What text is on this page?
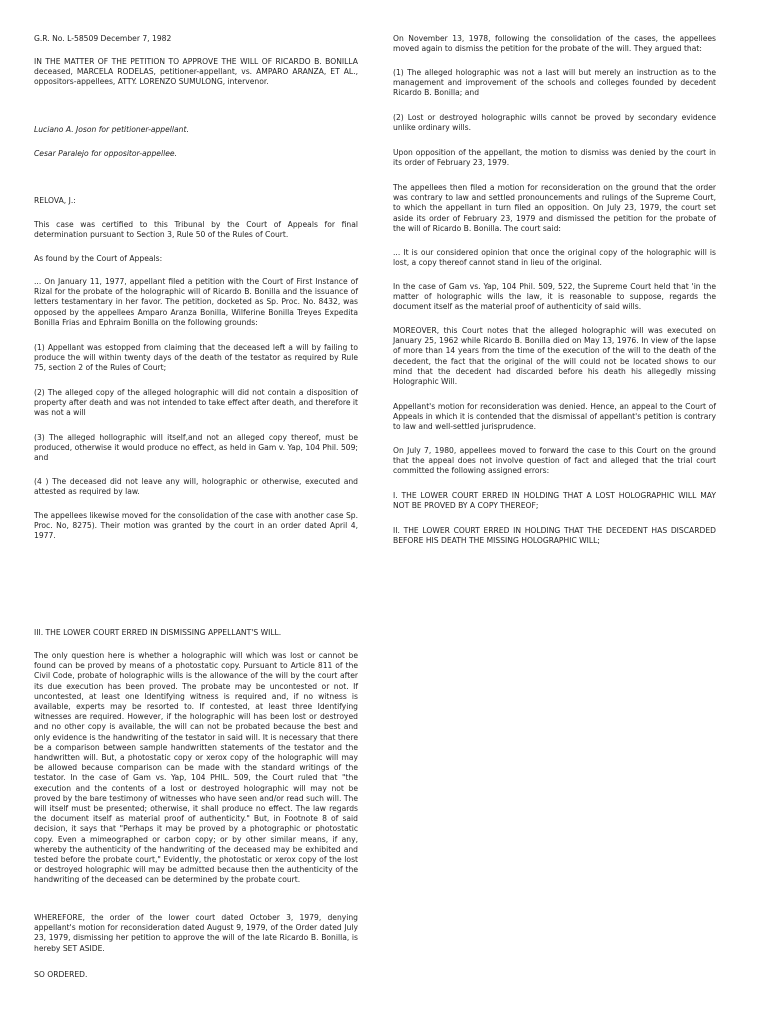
G.R. No. L-58509 December 7, 1982
IN THE MATTER OF THE PETITION TO APPROVE THE WILL OF RICARDO B. BONILLA deceased, MARCELA RODELAS, petitioner-appellant, vs. AMPARO ARANZA, ET AL., oppositors-appellees, ATTY. LORENZO SUMULONG, intervenor.
Luciano A. Joson for petitioner-appellant.
Cesar Paralejo for oppositor-appellee.
RELOVA, J.:
This case was certified to this Tribunal by the Court of Appeals for final determination pursuant to Section 3, Rule 50 of the Rules of Court.
As found by the Court of Appeals:
... On January 11, 1977, appellant filed a petition with the Court of First Instance of Rizal for the probate of the holographic will of Ricardo B. Bonilla and the issuance of letters testamentary in her favor. The petition, docketed as Sp. Proc. No. 8432, was opposed by the appellees Amparo Aranza Bonilla, Wilferine Bonilla Treyes Expedita Bonilla Frias and Ephraim Bonilla on the following grounds:
(1) Appellant was estopped from claiming that the deceased left a will by failing to produce the will within twenty days of the death of the testator as required by Rule 75, section 2 of the Rules of Court;
(2) The alleged copy of the alleged holographic will did not contain a disposition of property after death and was not intended to take effect after death, and therefore it was not a will
(3) The alleged hollographic will itself,and not an alleged copy thereof, must be produced, otherwise it would produce no effect, as held in Gam v. Yap, 104 Phil. 509; and
(4 ) The deceased did not leave any will, holographic or otherwise, executed and attested as required by law.
The appellees likewise moved for the consolidation of the case with another case Sp. Proc. No, 8275). Their motion was granted by the court in an order dated April 4, 1977.
III. THE LOWER COURT ERRED IN DISMISSING APPELLANT'S WILL.
The only question here is whether a holographic will which was lost or cannot be found can be proved by means of a photostatic copy. Pursuant to Article 811 of the Civil Code, probate of holographic wills is the allowance of the will by the court after its due execution has been proved. The probate may be uncontested or not. If uncontested, at least one Identifying witness is required and, if no witness is available, experts may be resorted to. If contested, at least three Identifying witnesses are required. However, if the holographic will has been lost or destroyed and no other copy is available, the will can not be probated because the best and only evidence is the handwriting of the testator in said will. It is necessary that there be a comparison between sample handwritten statements of the testator and the handwritten will. But, a photostatic copy or xerox copy of the holographic will may be allowed because comparison can be made with the standard writings of the testator. In the case of Gam vs. Yap, 104 PHIL. 509, the Court ruled that "the execution and the contents of a lost or destroyed holographic will may not be proved by the bare testimony of witnesses who have seen and/or read such will. The will itself must be presented; otherwise, it shall produce no effect. The law regards the document itself as material proof of authenticity." But, in Footnote 8 of said decision, it says that "Perhaps it may be proved by a photographic or photostatic copy. Even a mimeographed or carbon copy; or by other similar means, if any, whereby the authenticity of the handwriting of the deceased may be exhibited and tested before the probate court," Evidently, the photostatic or xerox copy of the lost or destroyed holographic will may be admitted because then the authenticity of the handwriting of the deceased can be determined by the probate court.
WHEREFORE, the order of the lower court dated October 3, 1979, denying appellant's motion for reconsideration dated August 9, 1979, of the Order dated July 23, 1979, dismissing her petition to approve the will of the late Ricardo B. Bonilla, is hereby SET ASIDE.
SO ORDERED.
On November 13, 1978, following the consolidation of the cases, the appellees moved again to dismiss the petition for the probate of the will. They argued that:
(1) The alleged holographic was not a last will but merely an instruction as to the management and improvement of the schools and colleges founded by decedent Ricardo B. Bonilla; and
(2) Lost or destroyed holographic wills cannot be proved by secondary evidence unlike ordinary wills.
Upon opposition of the appellant, the motion to dismiss was denied by the court in its order of February 23, 1979.
The appellees then filed a motion for reconsideration on the ground that the order was contrary to law and settled pronouncements and rulings of the Supreme Court, to which the appellant in turn filed an opposition. On July 23, 1979, the court set aside its order of February 23, 1979 and dismissed the petition for the probate of the will of Ricardo B. Bonilla. The court said:
... It is our considered opinion that once the original copy of the holographic will is lost, a copy thereof cannot stand in lieu of the original.
In the case of Gam vs. Yap, 104 Phil. 509, 522, the Supreme Court held that 'in the matter of holographic wills the law, it is reasonable to suppose, regards the document itself as the material proof of authenticity of said wills.
MOREOVER, this Court notes that the alleged holographic will was executed on January 25, 1962 while Ricardo B. Bonilla died on May 13, 1976. In view of the lapse of more than 14 years from the time of the execution of the will to the death of the decedent, the fact that the original of the will could not be located shows to our mind that the decedent had discarded before his death his allegedly missing Holographic Will.
Appellant's motion for reconsideration was denied. Hence, an appeal to the Court of Appeals in which it is contended that the dismissal of appellant's petition is contrary to law and well-settled jurisprudence.
On July 7, 1980, appellees moved to forward the case to this Court on the ground that the appeal does not involve question of fact and alleged that the trial court committed the following assigned errors:
I. THE LOWER COURT ERRED IN HOLDING THAT A LOST HOLOGRAPHIC WILL MAY NOT BE PROVED BY A COPY THEREOF;
II. THE LOWER COURT ERRED IN HOLDING THAT THE DECEDENT HAS DISCARDED BEFORE HIS DEATH THE MISSING HOLOGRAPHIC WILL;
